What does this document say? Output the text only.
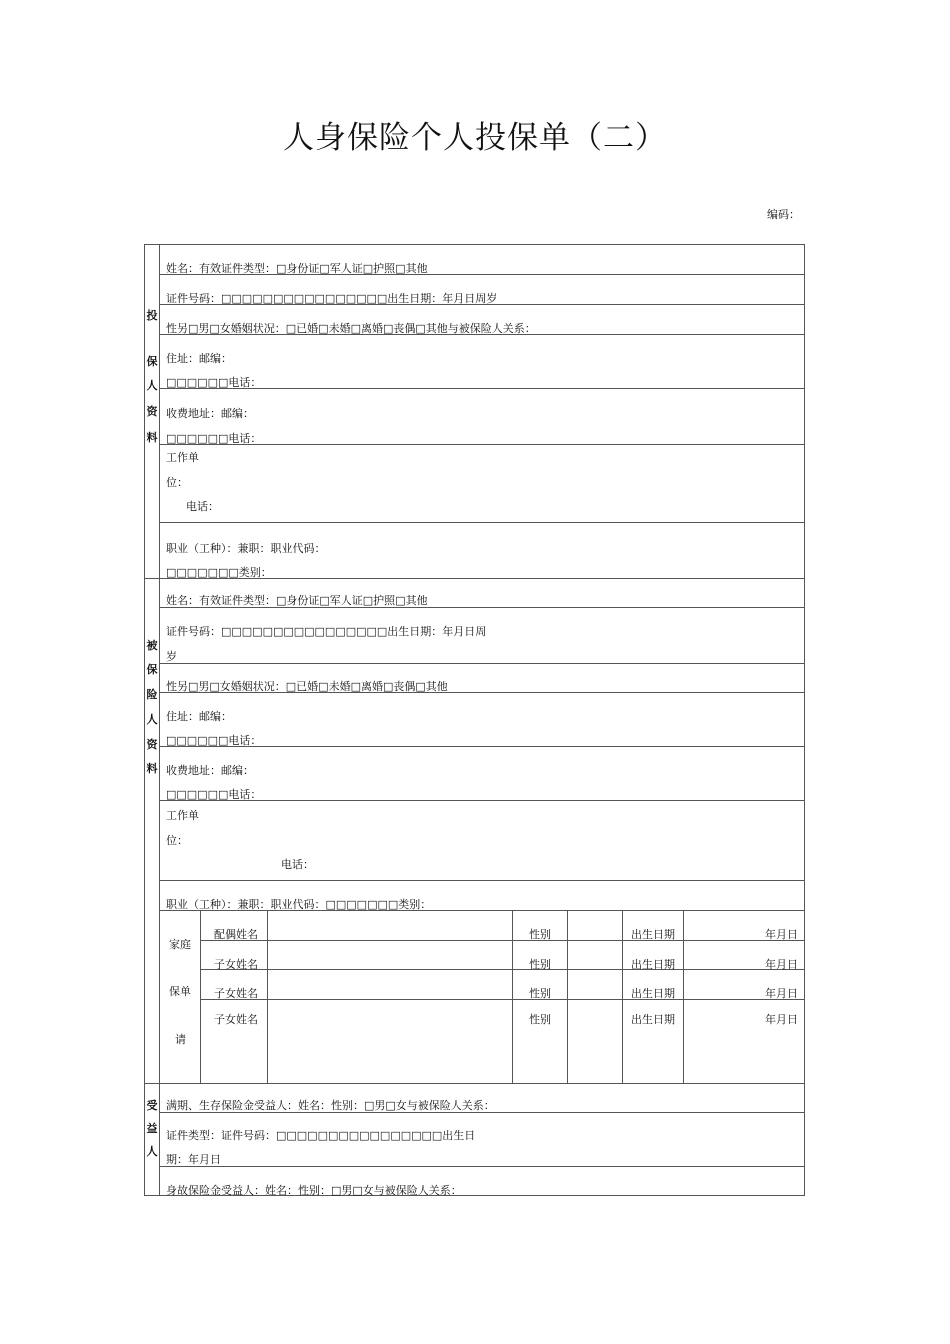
人身保险个人投保单（二）
编码：
投
保
人
资
料
姓名：有效证件类型：□身份证□军人证□护照□其他
证件号码：□□□□□□□□□□□□□□□□出生日期：年月日周岁
性另□男□女婚姻状况：□已婚□未婚□离婚□丧偶□其他与被保险人关系：
住址：邮编：
□□□□□□电话：
收费地址：邮编：
□□□□□□电话：
工作单
位：
电话：
职业（工种）：兼职：职业代码：
□□□□□□□类别：
被
保
险
人
资
料
姓名：有效证件类型：□身份证□军人证□护照□其他
证件号码：□□□□□□□□□□□□□□□□出生日期：年月日周
岁
性另□男□女婚姻状况：□已婚□未婚□离婚□丧偶□其他
住址：邮编：
□□□□□□电话：
收费地址：邮编：
□□□□□□电话：
工作单
位：
电话：
职业（工种）：兼职：职业代码：□□□□□□□类别：
家庭
保单
请
配偶姓名	性别	出生日期	年月日
子女姓名	性别	出生日期	年月日
子女姓名	性别	出生日期	年月日
子女姓名	性别	出生日期	年月日
受
益
人
满期、生存保险金受益人：姓名：性别：□男□女与被保险人关系：
证件类型：证件号码：□□□□□□□□□□□□□□□□出生日
期：年月日
身故保险金受益人：姓名：性别：□男□女与被保险人关系：
